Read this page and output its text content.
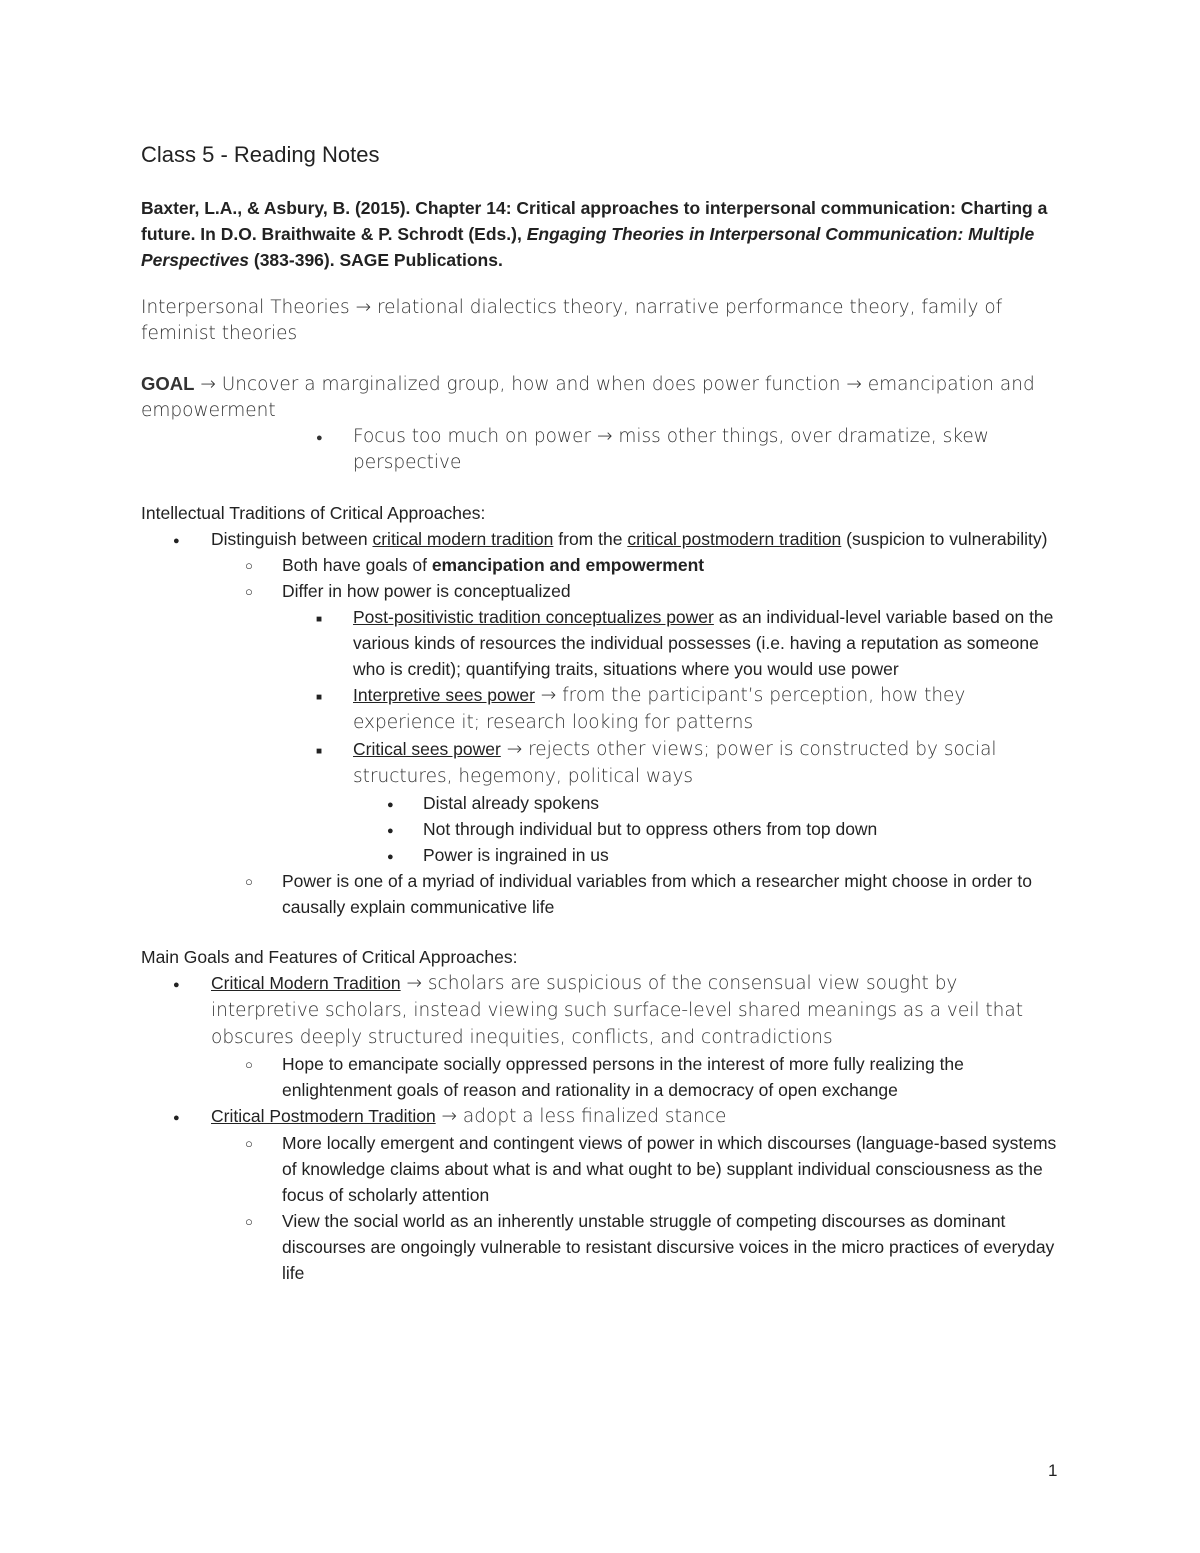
Class 5 - Reading Notes

Baxter, L.A., & Asbury, B. (2015). Chapter 14: Critical approaches to interpersonal communication: Charting a future. In D.O. Braithwaite & P. Schrodt (Eds.), Engaging Theories in Interpersonal Communication: Multiple Perspectives (383-396). SAGE Publications.

Interpersonal Theories → relational dialectics theory, narrative performance theory, family of feminist theories

GOAL → Uncover a marginalized group, how and when does power function → emancipation and empowerment

●
Focus too much on power → miss other things, over dramatize, skew perspective

Intellectual Traditions of Critical Approaches:

●
Distinguish between critical modern tradition from the critical postmodern tradition (suspicion to vulnerability)
○
Both have goals of emancipation and empowerment
○
Differ in how power is conceptualized
■
Post-positivistic tradition conceptualizes power as an individual-level variable based on the various kinds of resources the individual possesses (i.e. having a reputation as someone who is credit); quantifying traits, situations where you would use power
■
Interpretive sees power → from the participant’s perception, how they experience it; research looking for patterns
■
Critical sees power → rejects other views; power is constructed by social structures, hegemony, political ways
●
Distal already spokens
●
Not through individual but to oppress others from top down
●
Power is ingrained in us
○
Power is one of a myriad of individual variables from which a researcher might choose in order to causally explain communicative life

Main Goals and Features of Critical Approaches:

●
Critical Modern Tradition → scholars are suspicious of the consensual view sought by interpretive scholars, instead viewing such surface-level shared meanings as a veil that obscures deeply structured inequities, conflicts, and contradictions
○
Hope to emancipate socially oppressed persons in the interest of more fully realizing the enlightenment goals of reason and rationality in a democracy of open exchange
●
Critical Postmodern Tradition → adopt a less finalized stance
○
More locally emergent and contingent views of power in which discourses (language-based systems of knowledge claims about what is and what ought to be) supplant individual consciousness as the focus of scholarly attention
○
View the social world as an inherently unstable struggle of competing discourses as dominant discourses are ongoingly vulnerable to resistant discursive voices in the micro practices of everyday life
1
